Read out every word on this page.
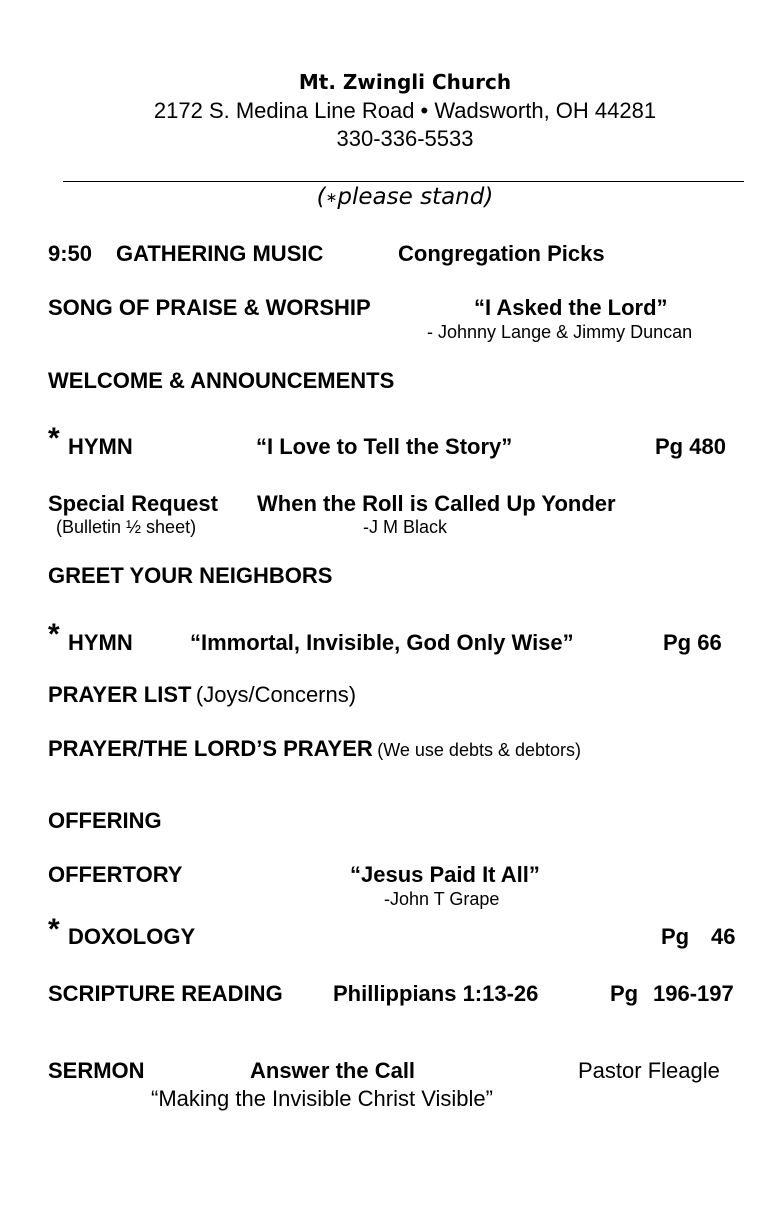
Mt. Zwingli Church
2172 S. Medina Line Road • Wadsworth, OH 44281
330-336-5533
(∗please stand)
9:50 GATHERING MUSIC	Congregation Picks
SONG OF PRAISE & WORSHIP	“I Asked the Lord”
- Johnny Lange & Jimmy Duncan
WELCOME & ANNOUNCEMENTS
* HYMN	“I Love to Tell the Story”	Pg 480
Special Request When the Roll is Called Up Yonder
(Bulletin ½ sheet)	-J M Black
GREET YOUR NEIGHBORS
* HYMN	“Immortal, Invisible, God Only Wise”	Pg 66
PRAYER LIST (Joys/Concerns)
PRAYER/THE LORD’S PRAYER (We use debts & debtors)
OFFERING
OFFERTORY	“Jesus Paid It All”
-John T Grape
* DOXOLOGY	Pg 46
SCRIPTURE READING Phillippians 1:13-26	Pg 196-197
SERMON	Answer the Call	Pastor Fleagle
“Making the Invisible Christ Visible”
